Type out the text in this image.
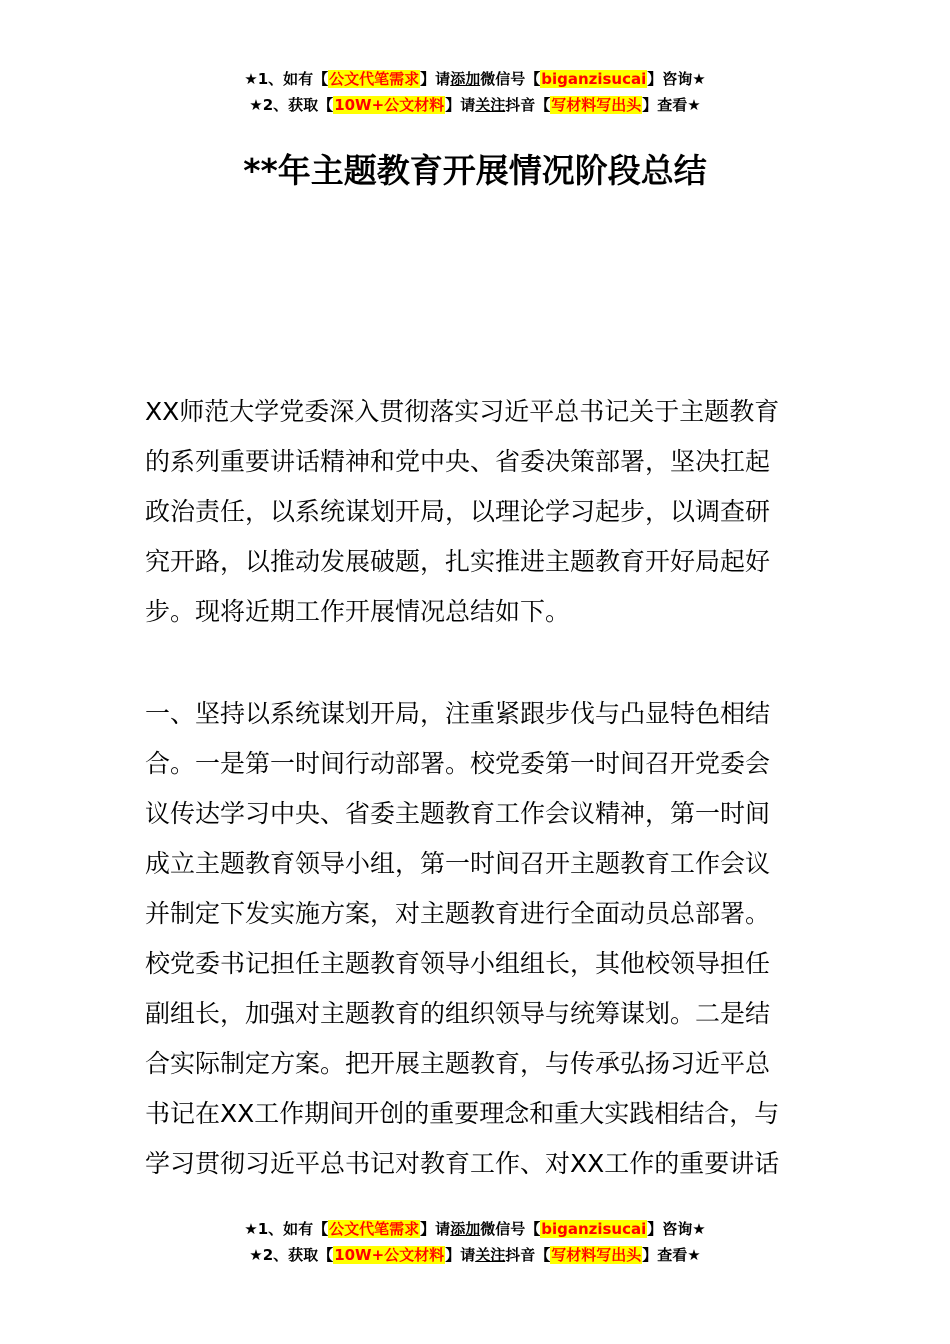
★1、如有【公文代笔需求】请添加微信号【biganzisucai】咨询★
★2、获取【10W+公文材料】请关注抖音【写材料写出头】查看★
**年主题教育开展情况阶段总结
XX师范大学党委深入贯彻落实习近平总书记关于主题教育
的系列重要讲话精神和党中央、省委决策部署，坚决扛起
政治责任，以系统谋划开局，以理论学习起步，以调查研
究开路，以推动发展破题，扎实推进主题教育开好局起好
步。现将近期工作开展情况总结如下。
一、坚持以系统谋划开局，注重紧跟步伐与凸显特色相结
合。一是第一时间行动部署。校党委第一时间召开党委会
议传达学习中央、省委主题教育工作会议精神，第一时间
成立主题教育领导小组，第一时间召开主题教育工作会议
并制定下发实施方案，对主题教育进行全面动员总部署。
校党委书记担任主题教育领导小组组长，其他校领导担任
副组长，加强对主题教育的组织领导与统筹谋划。二是结
合实际制定方案。把开展主题教育，与传承弘扬习近平总
书记在XX工作期间开创的重要理念和重大实践相结合，与
学习贯彻习近平总书记对教育工作、对XX工作的重要讲话
★1、如有【公文代笔需求】请添加微信号【biganzisucai】咨询★
★2、获取【10W+公文材料】请关注抖音【写材料写出头】查看★
